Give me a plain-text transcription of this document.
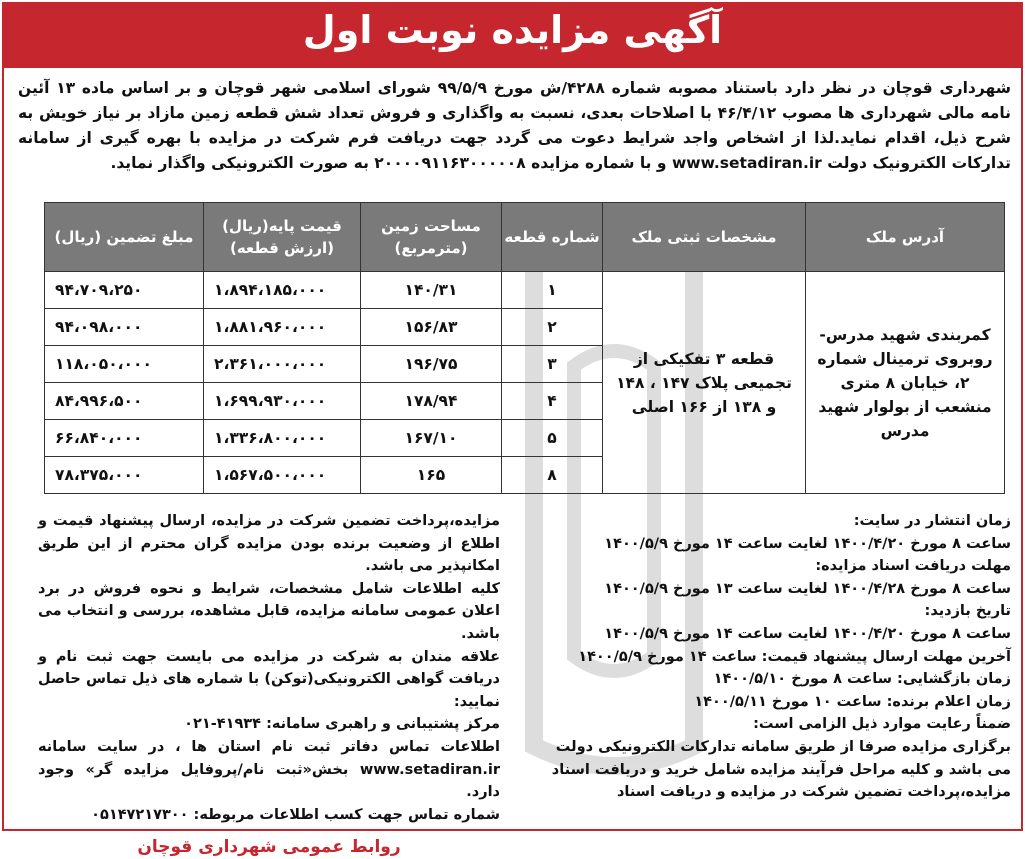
آگهی مزایده نوبت اول
شهرداری قوچان در نظر دارد باستناد مصوبه شماره ۴۲۸۸/ش مورخ ۹۹/۵/۹ شورای اسلامی شهر قوچان و بر اساس ماده ۱۳ آئین نامه مالی شهرداری ها مصوب ۴۶/۴/۱۲ با اصلاحات بعدی، نسبت به واگذاری و فروش تعداد شش قطعه زمین مازاد بر نیاز خویش به شرح ذیل، اقدام نماید.لذا از اشخاص واجد شرایط دعوت می گردد جهت دریافت فرم شرکت در مزایده با بهره گیری از سامانه تدارکات الکترونیک دولت www.setadiran.ir و با شماره مزایده ۲۰۰۰۰۹۱۱۶۳۰۰۰۰۰۸ به صورت الکترونیکی واگذار نماید.
آدرس ملک	مشخصات ثبتی ملک	شماره قطعه	مساحت زمین (مترمربع)	قیمت پایه(ریال) (ارزش قطعه)	مبلغ تضمین (ریال)
کمربندی شهید مدرس- روبروی ترمینال شماره ۲، خیابان ۸ متری منشعب از بولوار شهید مدرس	قطعه ۳ تفکیکی از تجمیعی پلاک ۱۴۷ ، ۱۴۸ و ۱۳۸ از ۱۶۶ اصلی	۱	۱۴۰/۳۱	۱،۸۹۴،۱۸۵،۰۰۰	۹۴،۷۰۹،۲۵۰
		۲	۱۵۶/۸۳	۱،۸۸۱،۹۶۰،۰۰۰	۹۴،۰۹۸،۰۰۰
		۳	۱۹۶/۷۵	۲،۳۶۱،۰۰۰،۰۰۰	۱۱۸،۰۵۰،۰۰۰
		۴	۱۷۸/۹۴	۱،۶۹۹،۹۳۰،۰۰۰	۸۴،۹۹۶،۵۰۰
		۵	۱۶۷/۱۰	۱،۳۳۶،۸۰۰،۰۰۰	۶۶،۸۴۰،۰۰۰
		۸	۱۶۵	۱،۵۶۷،۵۰۰،۰۰۰	۷۸،۳۷۵،۰۰۰

زمان انتشار در سایت:

ساعت ۸ مورخ ۱۴۰۰/۴/۲۰ لغایت ساعت ۱۴ مورخ ۱۴۰۰/۵/۹

مهلت دریافت اسناد مزایده:

ساعت ۸ مورخ ۱۴۰۰/۴/۲۸ لغایت ساعت ۱۳ مورخ ۱۴۰۰/۵/۹

تاریخ بازدید:

ساعت ۸ مورخ ۱۴۰۰/۴/۲۰ لغایت ساعت ۱۴ مورخ ۱۴۰۰/۵/۹

آخرین مهلت ارسال پیشنهاد قیمت: ساعت ۱۴ مورخ ۱۴۰۰/۵/۹

زمان بازگشایی: ساعت ۸ مورخ ۱۴۰۰/۵/۱۰

زمان اعلام برنده: ساعت ۱۰ مورخ ۱۴۰۰/۵/۱۱

ضمناً رعایت موارد ذیل الزامی است:

برگزاری مزایده صرفا از طریق سامانه تدارکات الکترونیکی دولت می باشد و کلیه مراحل فرآیند مزایده شامل خرید و دریافت اسناد مزایده،پرداخت تضمین شرکت در مزایده و دریافت اسناد

مزایده،پرداخت تضمین شرکت در مزایده، ارسال پیشنهاد قیمت و اطلاع از وضعیت برنده بودن مزایده گران محترم از این طریق امکانپذیر می باشد.

کلیه اطلاعات شامل مشخصات، شرایط و نحوه فروش در برد اعلان عمومی سامانه مزایده، قابل مشاهده، بررسی و انتخاب می باشد.

علاقه مندان به شرکت در مزایده می بایست جهت ثبت نام و دریافت گواهی الکترونیکی(توکن) با شماره های ذیل تماس حاصل نمایید:

مرکز پشتیبانی و راهبری سامانه: ۴۱۹۳۴-۰۲۱

اطلاعات تماس دفاتر ثبت نام استان ها ، در سایت سامانه www.setadiran.ir بخش«ثبت نام/پروفایل مزایده گر» وجود دارد.

شماره تماس جهت کسب اطلاعات مربوطه: ۰۵۱۴۷۲۱۷۳۰۰

روابط عمومی شهرداری قوچان
